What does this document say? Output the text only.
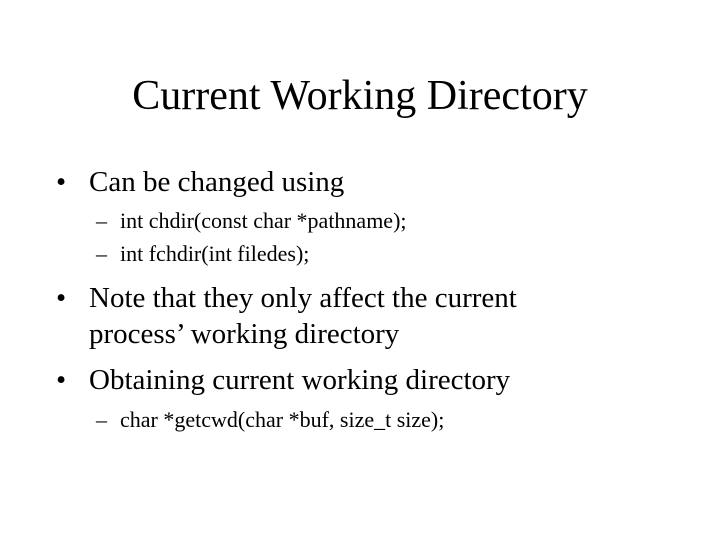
Current Working Directory
• Can be changed using
– int chdir(const char *pathname);
– int fchdir(int filedes);
• Note that they only affect the current
process’ working directory
• Obtaining current working directory
– char *getcwd(char *buf, size_t size);
